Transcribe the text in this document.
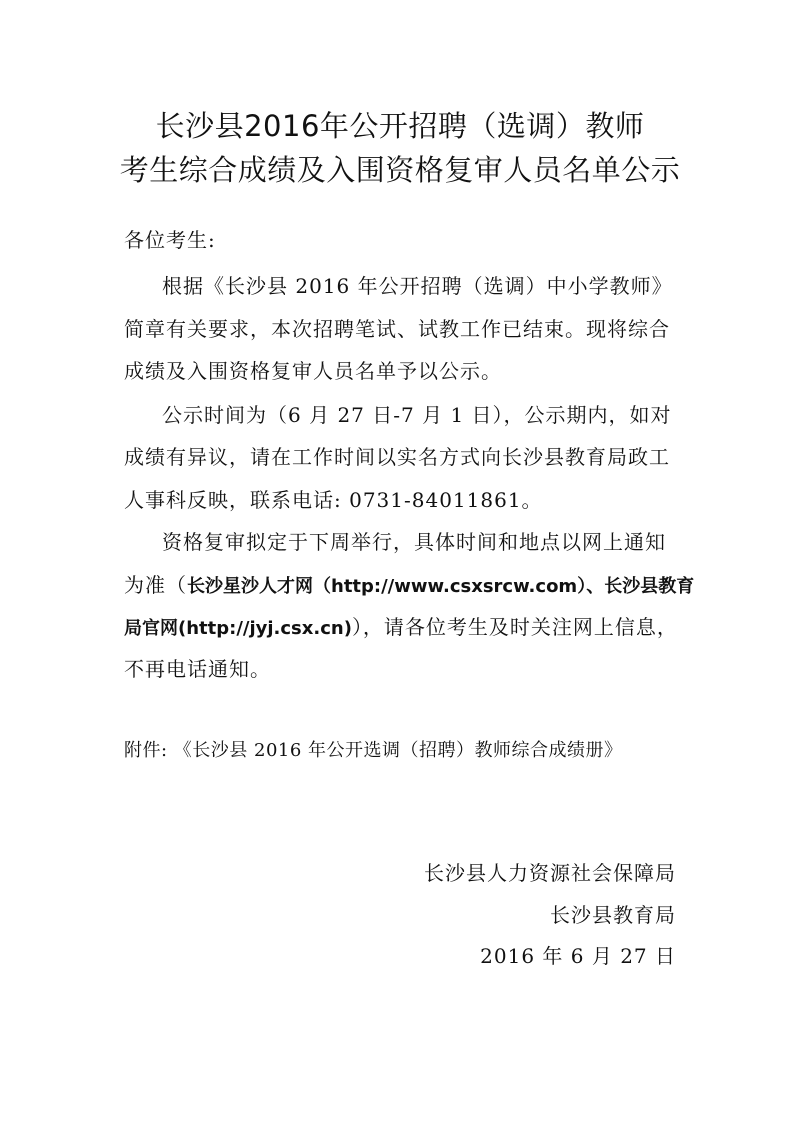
长沙县2016年公开招聘（选调）教师
考生综合成绩及入围资格复审人员名单公示
各位考生:
根据《长沙县 2016 年公开招聘（选调）中小学教师》
简章有关要求，本次招聘笔试、试教工作已结束。现将综合
成绩及入围资格复审人员名单予以公示。
公示时间为（6 月 27 日-7 月 1 日），公示期内，如对
成绩有异议，请在工作时间以实名方式向长沙县教育局政工
人事科反映，联系电话: 0731-84011861。
资格复审拟定于下周举行，具体时间和地点以网上通知
为准（长沙星沙人才网（http://www.csxsrcw.com）、长沙县教育
局官网(http://jyj.csx.cn)），请各位考生及时关注网上信息，
不再电话通知。
附件: 《长沙县 2016 年公开选调（招聘）教师综合成绩册》
长沙县人力资源社会保障局
长沙县教育局
2016 年 6 月 27 日
